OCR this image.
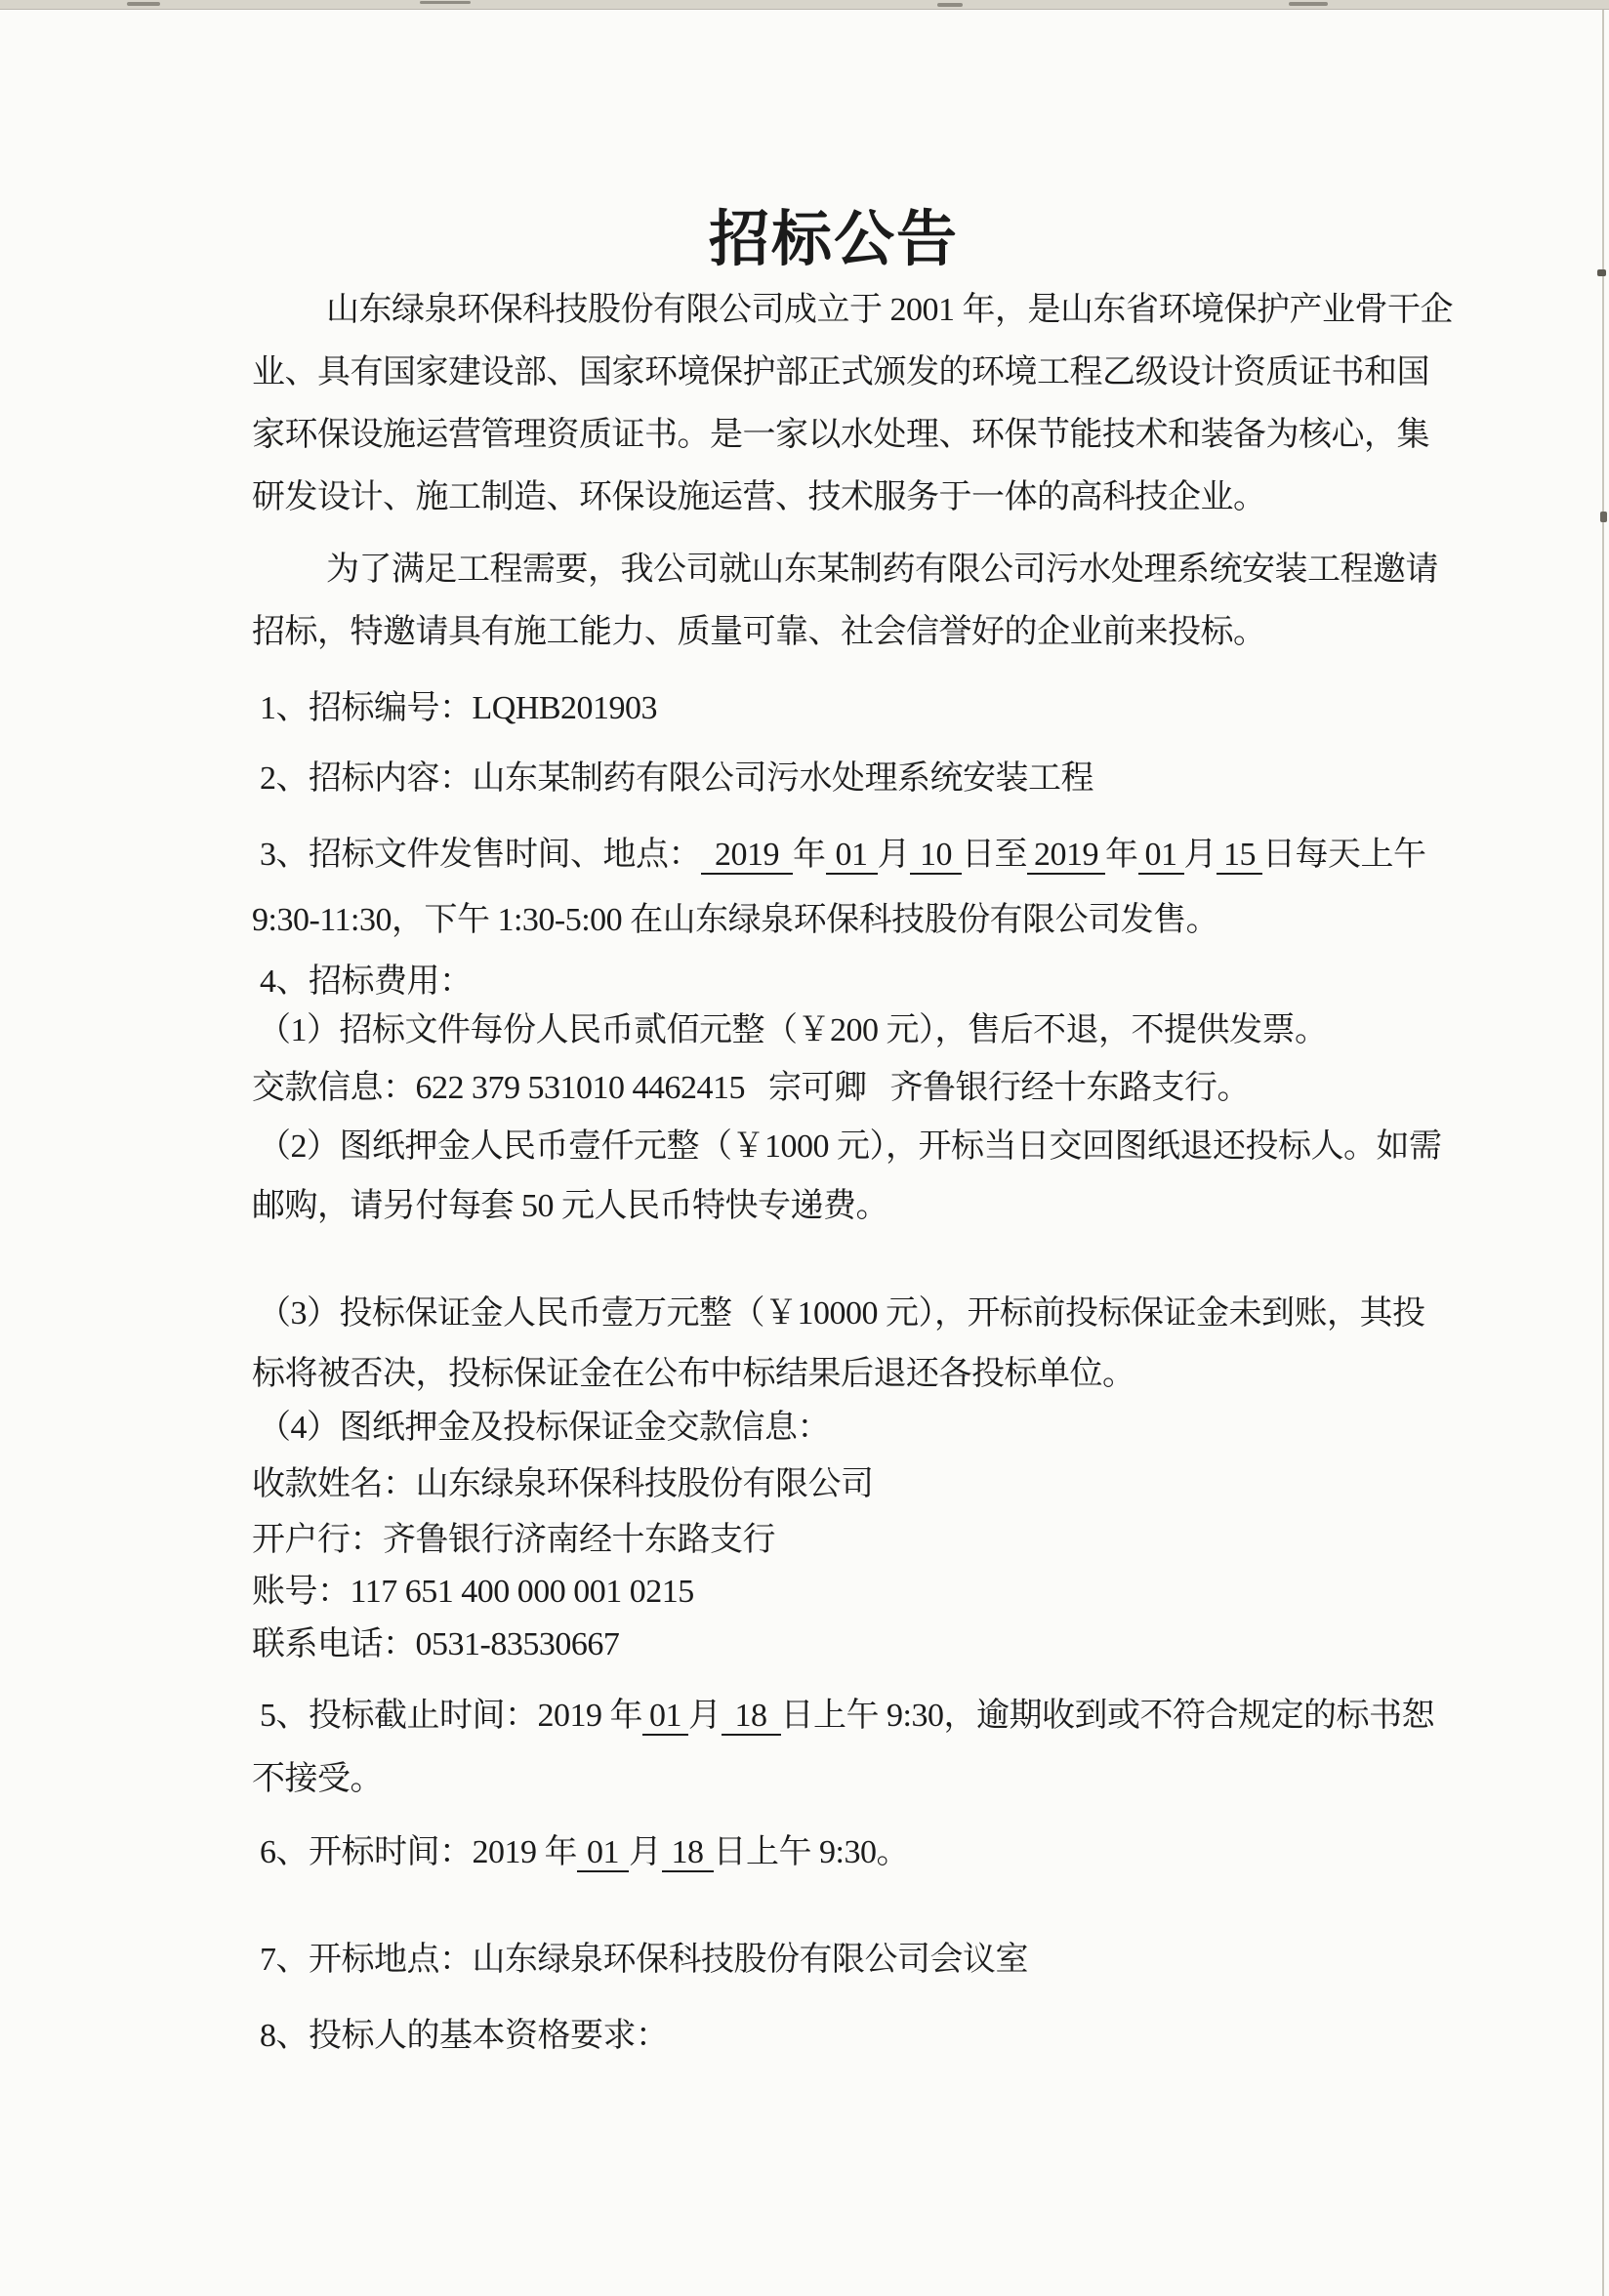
招标公告
山东绿泉环保科技股份有限公司成立于 2001 年，是山东省环境保护产业骨干企
业、具有国家建设部、国家环境保护部正式颁发的环境工程乙级设计资质证书和国
家环保设施运营管理资质证书。是一家以水处理、环保节能技术和装备为核心，集
研发设计、施工制造、环保设施运营、技术服务于一体的高科技企业。
为了满足工程需要，我公司就山东某制药有限公司污水处理系统安装工程邀请
招标，特邀请具有施工能力、质量可靠、社会信誉好的企业前来投标。
1、招标编号：LQHB201903
2、招标内容：山东某制药有限公司污水处理系统安装工程
3、招标文件发售时间、地点： 2019 年 01 月 10 日至 2019 年 01 月 15 日每天上午
9:30-11:30，下午 1:30-5:00 在山东绿泉环保科技股份有限公司发售。
4、招标费用：
（1）招标文件每份人民币贰佰元整（￥200 元），售后不退，不提供发票。
交款信息：622 379 531010 4462415   宗可卿   齐鲁银行经十东路支行。
（2）图纸押金人民币壹仟元整（￥1000 元），开标当日交回图纸退还投标人。如需
邮购，请另付每套 50 元人民币特快专递费。
（3）投标保证金人民币壹万元整（￥10000 元），开标前投标保证金未到账，其投
标将被否决，投标保证金在公布中标结果后退还各投标单位。
（4）图纸押金及投标保证金交款信息：
收款姓名：山东绿泉环保科技股份有限公司
开户行：齐鲁银行济南经十东路支行
账号：117 651 400 000 001 0215
联系电话：0531-83530667
5、投标截止时间：2019 年 01 月 18 日上午 9:30，逾期收到或不符合规定的标书恕
不接受。
6、开标时间：2019 年 01 月 18 日上午 9:30。
7、开标地点：山东绿泉环保科技股份有限公司会议室
8、投标人的基本资格要求：
